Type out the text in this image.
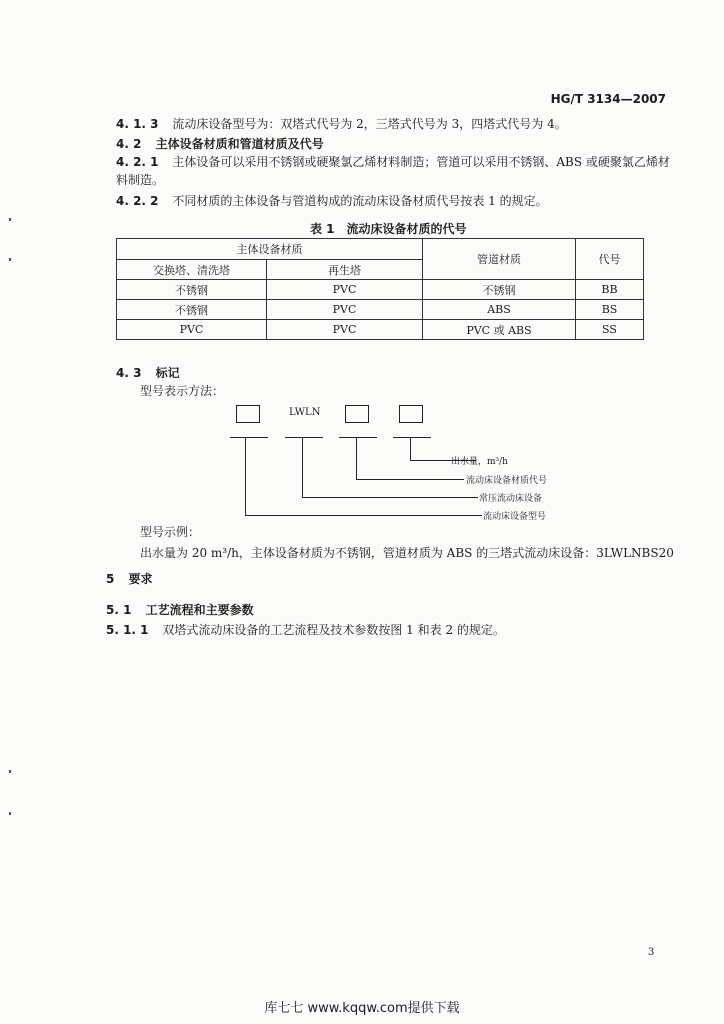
HG/T 3134—2007
4. 1. 3 流动床设备型号为：双塔式代号为 2，三塔式代号为 3，四塔式代号为 4。
4. 2 主体设备材质和管道材质及代号
4. 2. 1 主体设备可以采用不锈钢或硬聚氯乙烯材料制造；管道可以采用不锈钢、ABS 或硬聚氯乙烯材
料制造。
4. 2. 2 不同材质的主体设备与管道构成的流动床设备材质代号按表 1 的规定。
表 1　流动床设备材质的代号
主体设备材质		管道材质	代号
交换塔、清洗塔	再生塔		
不锈钢	PVC	不锈钢	BB
不锈钢	PVC	ABS	BS
PVC	PVC	PVC 或 ABS	SS
4. 3 标记
型号表示方法：
LWLN
出水量，m³/h
流动床设备材质代号
常压流动床设备
流动床设备型号
型号示例：
出水量为 20 m³/h，主体设备材质为不锈钢，管道材质为 ABS 的三塔式流动床设备：3LWLNBS20
5 要求
5. 1 工艺流程和主要参数
5. 1. 1 双塔式流动床设备的工艺流程及技术参数按图 1 和表 2 的规定。
3
库七七 www.kqqw.com提供下载
